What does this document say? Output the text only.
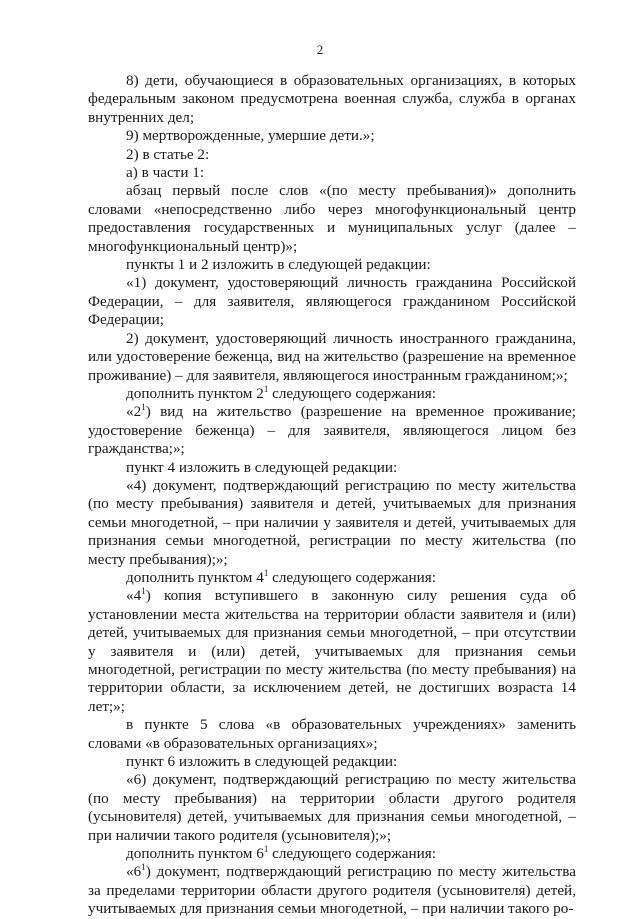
2

8) дети, обучающиеся в образовательных организациях, в которых федеральным законом предусмотрена военная служба, служба в органах внутренних дел;

9) мертворожденные, умершие дети.»;

2) в статье 2:

а) в части 1:

абзац первый после слов «(по месту пребывания)» дополнить словами «непосредственно либо через многофункциональный центр предоставления государственных и муниципальных услуг (далее – многофункциональный центр)»;

пункты 1 и 2 изложить в следующей редакции:

«1) документ, удостоверяющий личность гражданина Российской Федерации, – для заявителя, являющегося гражданином Российской Федерации;

2) документ, удостоверяющий личность иностранного гражданина, или удостоверение беженца, вид на жительство (разрешение на временное проживание) – для заявителя, являющегося иностранным гражданином;»;

дополнить пунктом $2^1$ следующего содержания:

«$2^1$) вид на жительство (разрешение на временное проживание; удостоверение беженца) – для заявителя, являющегося лицом без гражданства;»;

пункт 4 изложить в следующей редакции:

«4) документ, подтверждающий регистрацию по месту жительства (по месту пребывания) заявителя и детей, учитываемых для признания семьи многодетной, – при наличии у заявителя и детей, учитываемых для признания семьи многодетной, регистрации по месту жительства (по месту пребывания);»;

дополнить пунктом $4^1$ следующего содержания:

«$4^1$) копия вступившего в законную силу решения суда об установлении места жительства на территории области заявителя и (или) детей, учитываемых для признания семьи многодетной, – при отсутствии у заявителя и (или) детей, учитываемых для признания семьи многодетной, регистрации по месту жительства (по месту пребывания) на территории области, за исключением детей, не достигших возраста 14 лет;»;

в пункте 5 слова «в образовательных учреждениях» заменить словами «в образовательных организациях»;

пункт 6 изложить в следующей редакции:

«6) документ, подтверждающий регистрацию по месту жительства (по месту пребывания) на территории области другого родителя (усыновителя) детей, учитываемых для признания семьи многодетной, – при наличии такого родителя (усыновителя);»;

дополнить пунктом $6^1$ следующего содержания:

«$6^1$) документ, подтверждающий регистрацию по месту жительства за пределами территории области другого родителя (усыновителя) детей, учитываемых для признания семьи многодетной, – при наличии такого ро-
